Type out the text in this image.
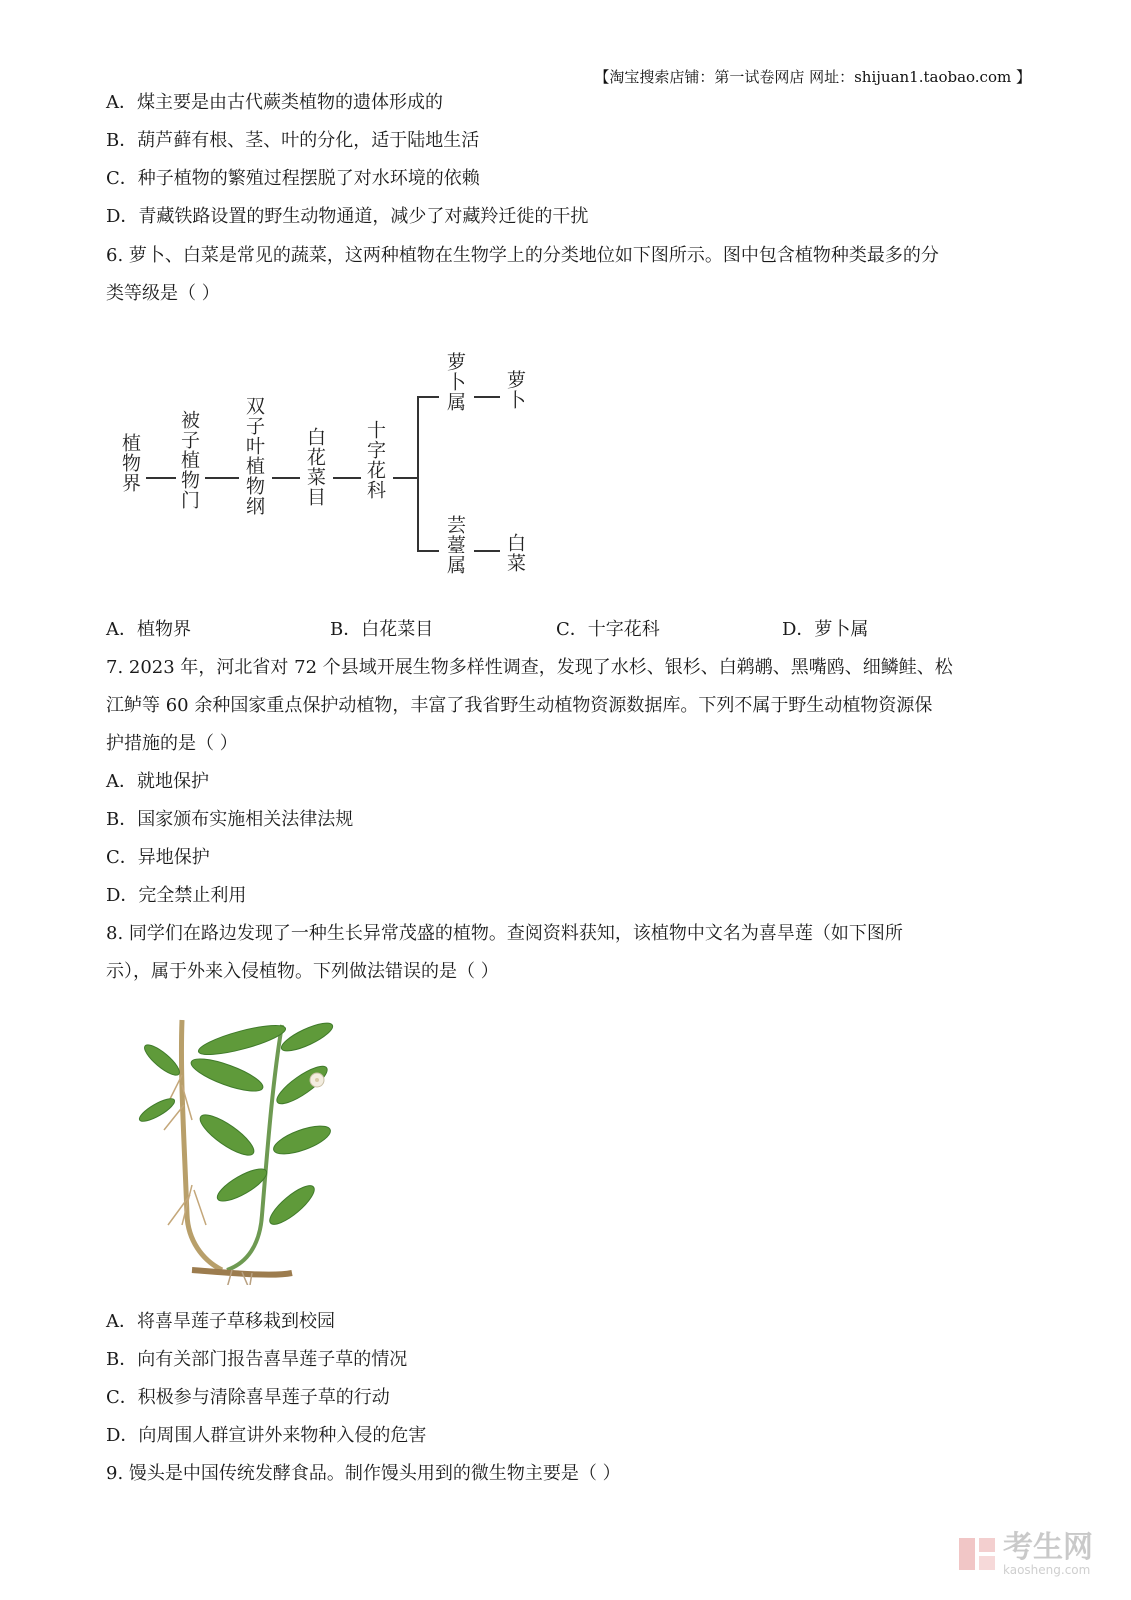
【淘宝搜索店铺：第一试卷网店 网址：shijuan1.taobao.com 】
A．煤主要是由古代蕨类植物的遗体形成的
B．葫芦藓有根、茎、叶的分化，适于陆地生活
C．种子植物的繁殖过程摆脱了对水环境的依赖
D．青藏铁路设置的野生动物通道，减少了对藏羚迁徙的干扰
6. 萝卜、白菜是常见的蔬菜，这两种植物在生物学上的分类地位如下图所示。图中包含植物种类最多的分
类等级是（ ）
植物界 被子植物门 双子叶植物纲 白花菜目 十字花科
萝卜属 萝卜
芸薹属 白菜
A．植物界	B．白花菜目	C．十字花科	D．萝卜属
7. 2023 年，河北省对 72 个县域开展生物多样性调查，发现了水杉、银杉、白鹈鹕、黑嘴鸥、细鳞鲑、松
江鲈等 60 余种国家重点保护动植物，丰富了我省野生动植物资源数据库。下列不属于野生动植物资源保
护措施的是（ ）
A．就地保护
B．国家颁布实施相关法律法规
C．异地保护
D．完全禁止利用
8. 同学们在路边发现了一种生长异常茂盛的植物。查阅资料获知，该植物中文名为喜旱莲（如下图所
示），属于外来入侵植物。下列做法错误的是（ ）
A．将喜旱莲子草移栽到校园
B．向有关部门报告喜旱莲子草的情况
C．积极参与清除喜旱莲子草的行动
D．向周围人群宣讲外来物种入侵的危害
9. 馒头是中国传统发酵食品。制作馒头用到的微生物主要是（ ）
考生网
kaosheng.com
